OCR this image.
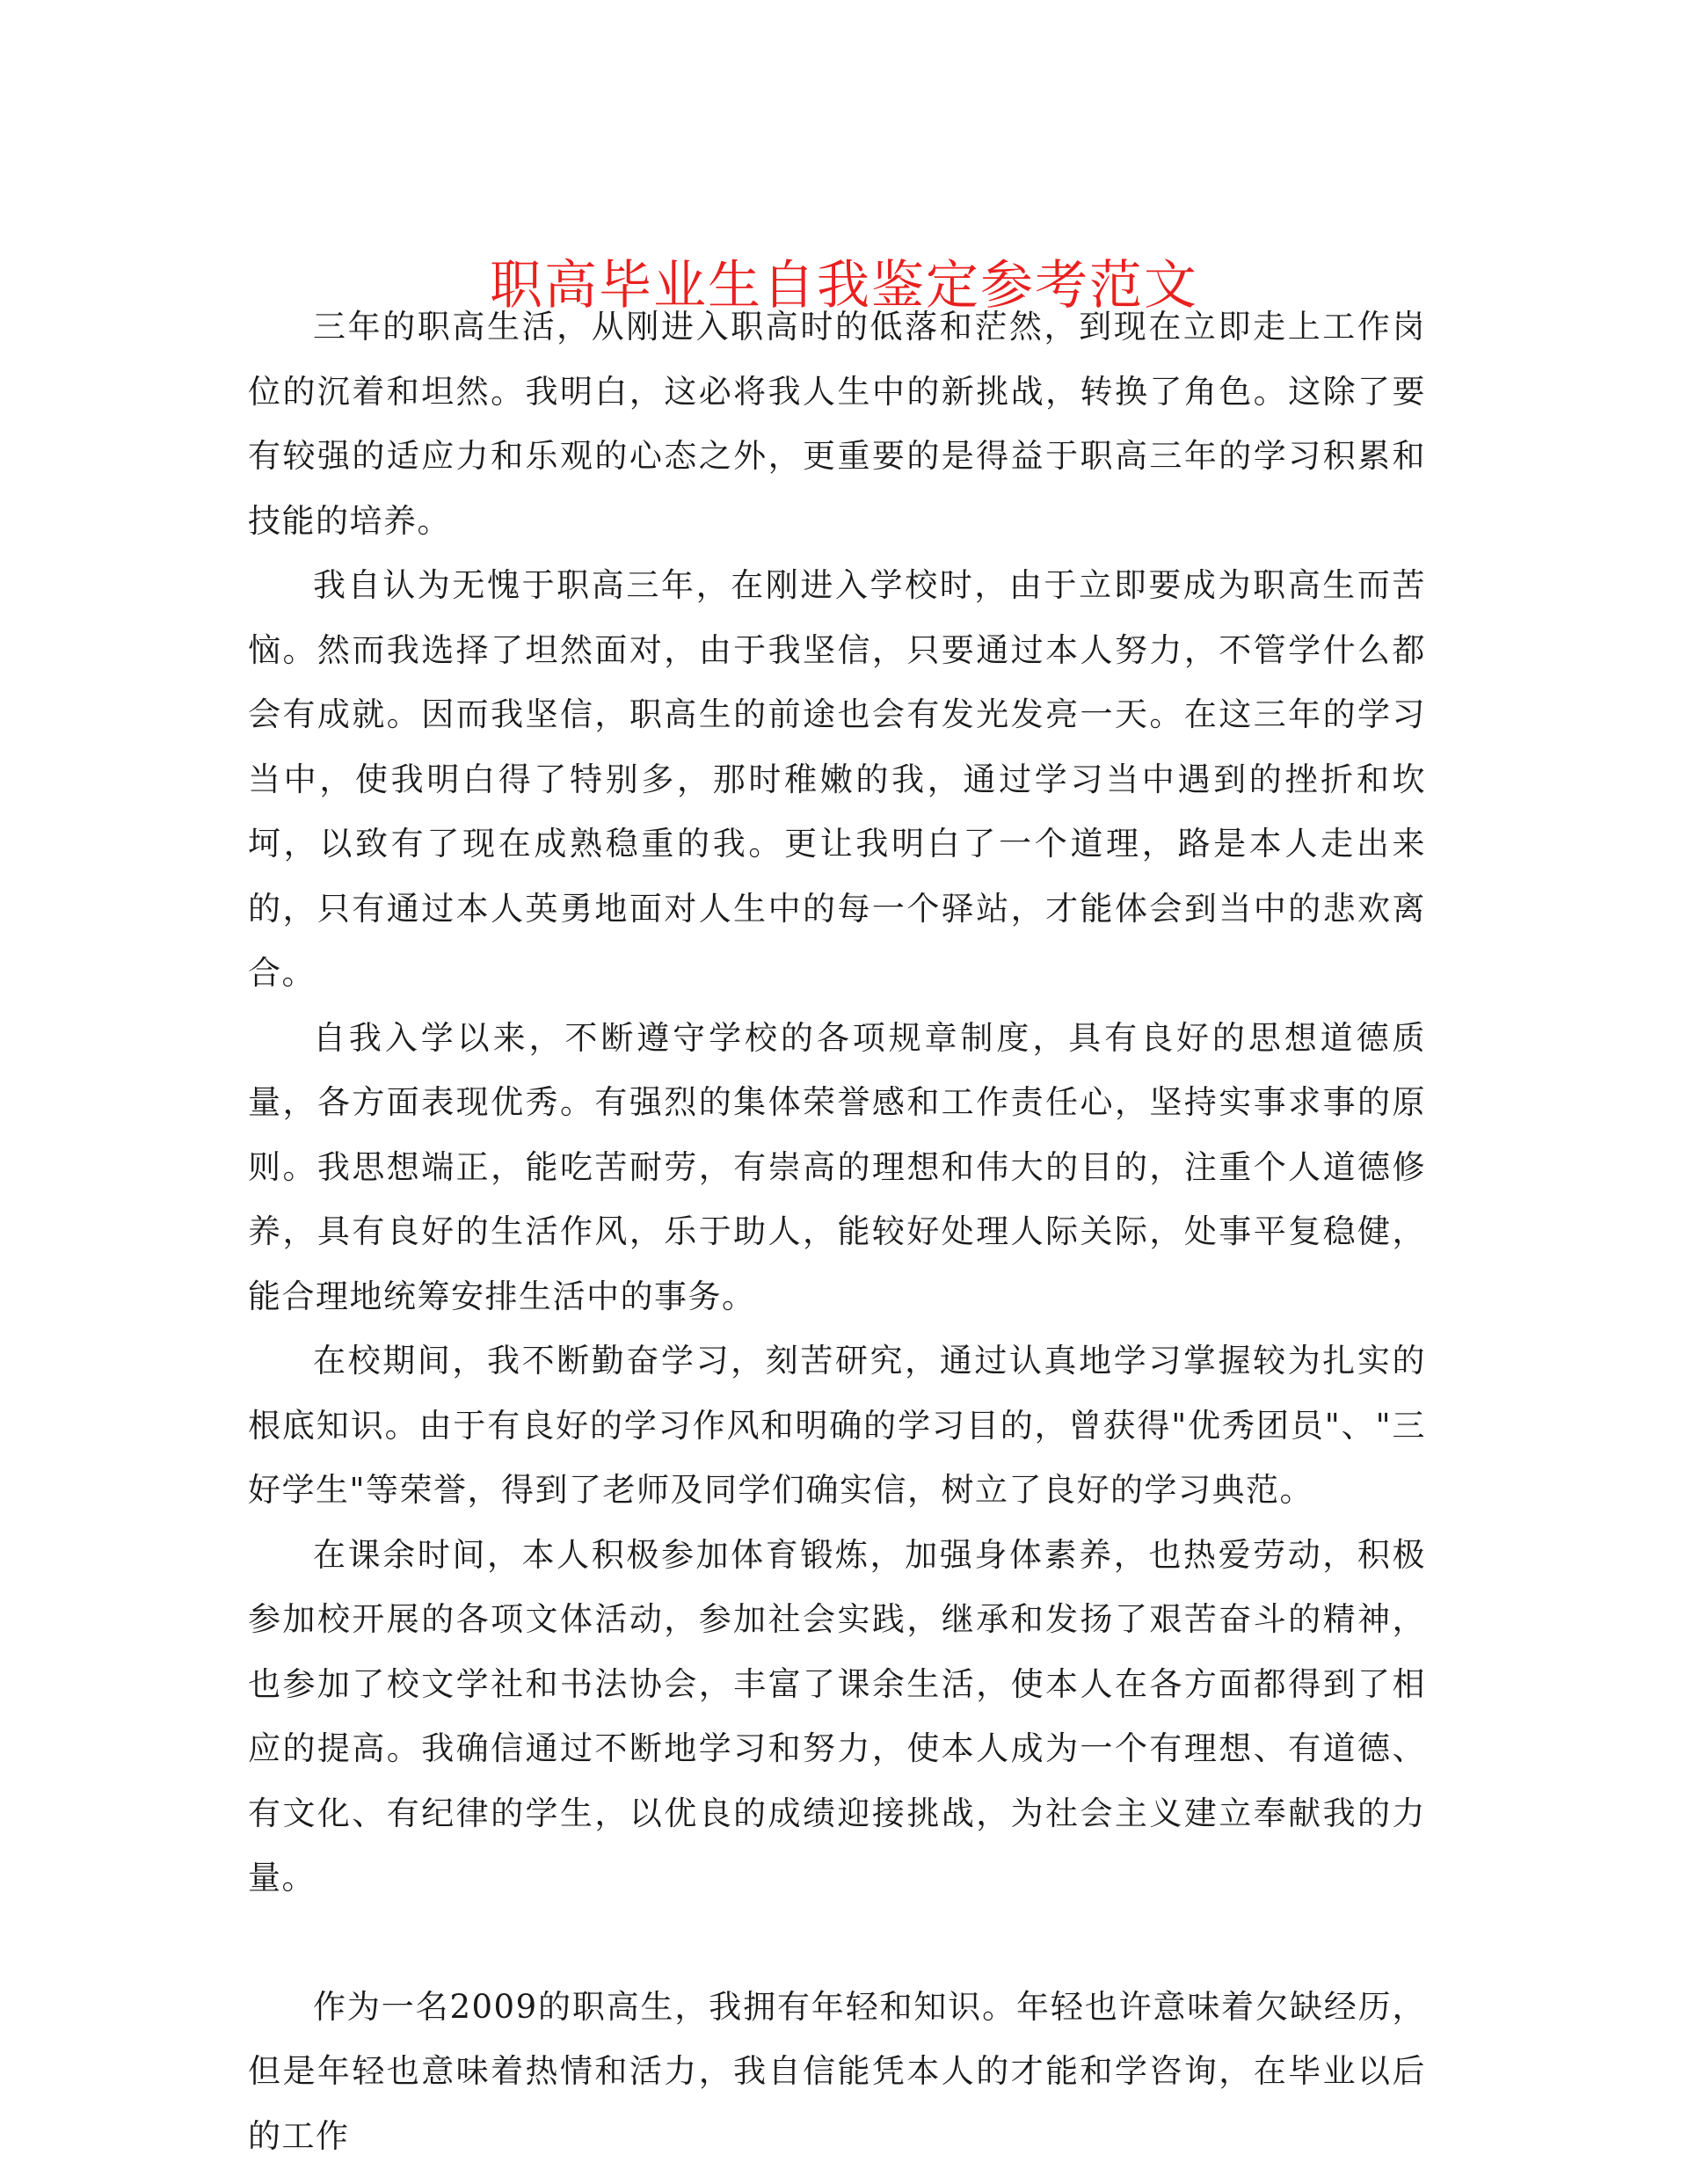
职高毕业生自我鉴定参考范文

三年的职高生活，从刚进入职高时的低落和茫然，到现在立即走上工作岗位的沉着和坦然。我明白，这必将我人生中的新挑战，转换了角色。这除了要有较强的适应力和乐观的心态之外，更重要的是得益于职高三年的学习积累和技能的培养。

我自认为无愧于职高三年，在刚进入学校时，由于立即要成为职高生而苦恼。然而我选择了坦然面对，由于我坚信，只要通过本人努力，不管学什么都会有成就。因而我坚信，职高生的前途也会有发光发亮一天。在这三年的学习当中，使我明白得了特别多，那时稚嫩的我，通过学习当中遇到的挫折和坎坷，以致有了现在成熟稳重的我。更让我明白了一个道理，路是本人走出来的，只有通过本人英勇地面对人生中的每一个驿站，才能体会到当中的悲欢离合。

自我入学以来，不断遵守学校的各项规章制度，具有良好的思想道德质量，各方面表现优秀。有强烈的集体荣誉感和工作责任心，坚持实事求事的原则。我思想端正，能吃苦耐劳，有崇高的理想和伟大的目的，注重个人道德修养，具有良好的生活作风，乐于助人，能较好处理人际关际，处事平复稳健，能合理地统筹安排生活中的事务。

在校期间，我不断勤奋学习，刻苦研究，通过认真地学习掌握较为扎实的根底知识。由于有良好的学习作风和明确的学习目的，曾获得"优秀团员"、"三好学生"等荣誉，得到了老师及同学们确实信，树立了良好的学习典范。

在课余时间，本人积极参加体育锻炼，加强身体素养，也热爱劳动，积极参加校开展的各项文体活动，参加社会实践，继承和发扬了艰苦奋斗的精神，也参加了校文学社和书法协会，丰富了课余生活，使本人在各方面都得到了相应的提高。我确信通过不断地学习和努力，使本人成为一个有理想、有道德、有文化、有纪律的学生，以优良的成绩迎接挑战，为社会主义建立奉献我的力量。

作为一名2009的职高生，我拥有年轻和知识。年轻也许意味着欠缺经历，但是年轻也意味着热情和活力，我自信能凭本人的才能和学咨询，在毕业以后的工作
